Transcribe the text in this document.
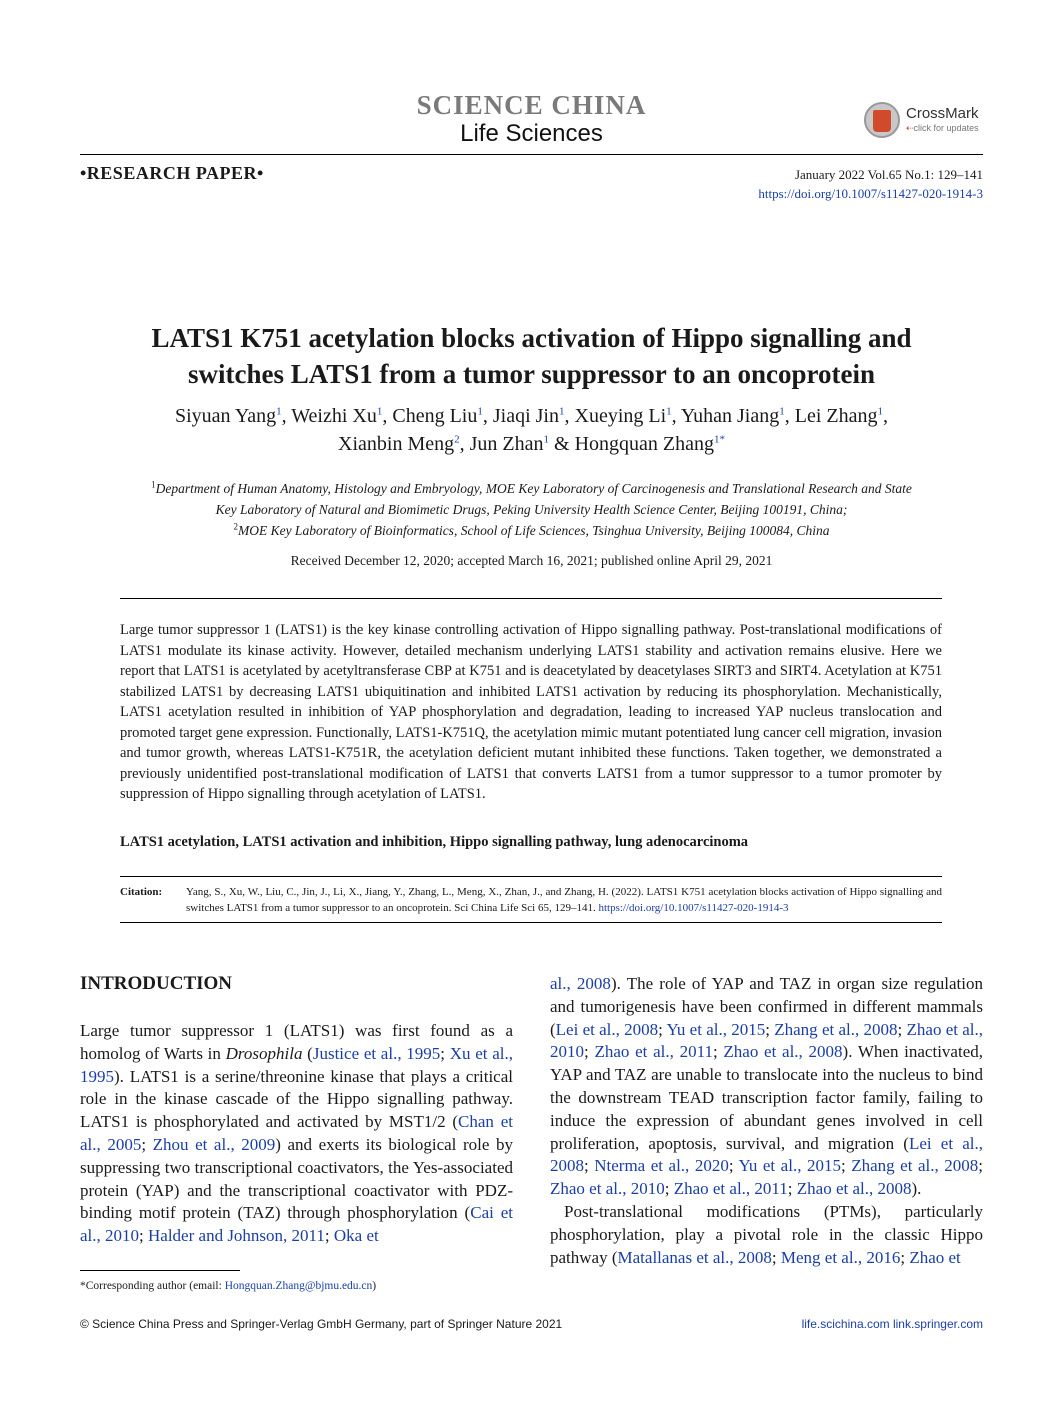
SCIENCE CHINA
Life Sciences
CrossMark
⇠click for updates
•RESEARCH PAPER•	January 2022 Vol.65 No.1: 129–141
https://doi.org/10.1007/s11427-020-1914-3
LATS1 K751 acetylation blocks activation of Hippo signalling and
switches LATS1 from a tumor suppressor to an oncoprotein
Siyuan Yang$^1$, Weizhi Xu$^1$, Cheng Liu$^1$, Jiaqi Jin$^1$, Xueying Li$^1$, Yuhan Jiang$^1$, Lei Zhang$^1$,
Xianbin Meng$^2$, Jun Zhan$^1$ & Hongquan Zhang$^{1*}$
$^1$Department of Human Anatomy, Histology and Embryology, MOE Key Laboratory of Carcinogenesis and Translational Research and State
Key Laboratory of Natural and Biomimetic Drugs, Peking University Health Science Center, Beijing 100191, China;
$^2$MOE Key Laboratory of Bioinformatics, School of Life Sciences, Tsinghua University, Beijing 100084, China
Received December 12, 2020; accepted March 16, 2021; published online April 29, 2021
Large tumor suppressor 1 (LATS1) is the key kinase controlling activation of Hippo signalling pathway. Post-translational modifications of LATS1 modulate its kinase activity. However, detailed mechanism underlying LATS1 stability and activation remains elusive. Here we report that LATS1 is acetylated by acetyltransferase CBP at K751 and is deacetylated by deacetylases SIRT3 and SIRT4. Acetylation at K751 stabilized LATS1 by decreasing LATS1 ubiquitination and inhibited LATS1 activation by reducing its phosphorylation. Mechanistically, LATS1 acetylation resulted in inhibition of YAP phosphorylation and degradation, leading to increased YAP nucleus translocation and promoted target gene expression. Functionally, LATS1-K751Q, the acetylation mimic mutant potentiated lung cancer cell migration, invasion and tumor growth, whereas LATS1-K751R, the acetylation deficient mutant inhibited these functions. Taken together, we demonstrated a previously unidentified post-translational modification of LATS1 that converts LATS1 from a tumor suppressor to a tumor promoter by suppression of Hippo signalling through acetylation of LATS1.
LATS1 acetylation, LATS1 activation and inhibition, Hippo signalling pathway, lung adenocarcinoma
Citation: Yang, S., Xu, W., Liu, C., Jin, J., Li, X., Jiang, Y., Zhang, L., Meng, X., Zhan, J., and Zhang, H. (2022). LATS1 K751 acetylation blocks activation of Hippo signalling and switches LATS1 from a tumor suppressor to an oncoprotein. Sci China Life Sci 65, 129–141. https://doi.org/10.1007/s11427-020-1914-3
INTRODUCTION

Large tumor suppressor 1 (LATS1) was first found as a homolog of Warts in Drosophila (Justice et al., 1995; Xu et al., 1995). LATS1 is a serine/threonine kinase that plays a critical role in the kinase cascade of the Hippo signalling pathway. LATS1 is phosphorylated and activated by MST1/2 (Chan et al., 2005; Zhou et al., 2009) and exerts its biological role by suppressing two transcriptional coactivators, the Yes-associated protein (YAP) and the transcriptional coactivator with PDZ-binding motif protein (TAZ) through phosphorylation (Cai et al., 2010; Halder and Johnson, 2011; Oka et

al., 2008). The role of YAP and TAZ in organ size regulation and tumorigenesis have been confirmed in different mammals (Lei et al., 2008; Yu et al., 2015; Zhang et al., 2008; Zhao et al., 2010; Zhao et al., 2011; Zhao et al., 2008). When inactivated, YAP and TAZ are unable to translocate into the nucleus to bind the downstream TEAD transcription factor family, failing to induce the expression of abundant genes involved in cell proliferation, apoptosis, survival, and migration (Lei et al., 2008; Nterma et al., 2020; Yu et al., 2015; Zhang et al., 2008; Zhao et al., 2010; Zhao et al., 2011; Zhao et al., 2008).

Post-translational modifications (PTMs), particularly phosphorylation, play a pivotal role in the classic Hippo pathway (Matallanas et al., 2008; Meng et al., 2016; Zhao et

*Corresponding author (email: Hongquan.Zhang@bjmu.edu.cn)
© Science China Press and Springer-Verlag GmbH Germany, part of Springer Nature 2021	life.scichina.com link.springer.com
